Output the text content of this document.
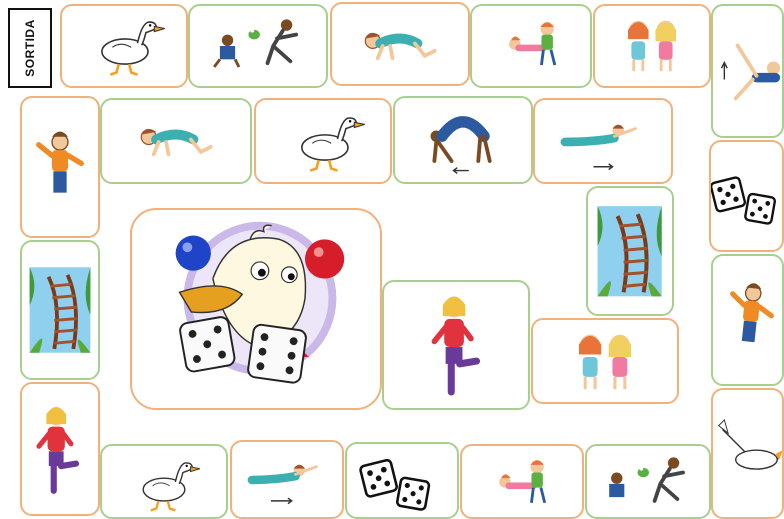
SORTIDA
